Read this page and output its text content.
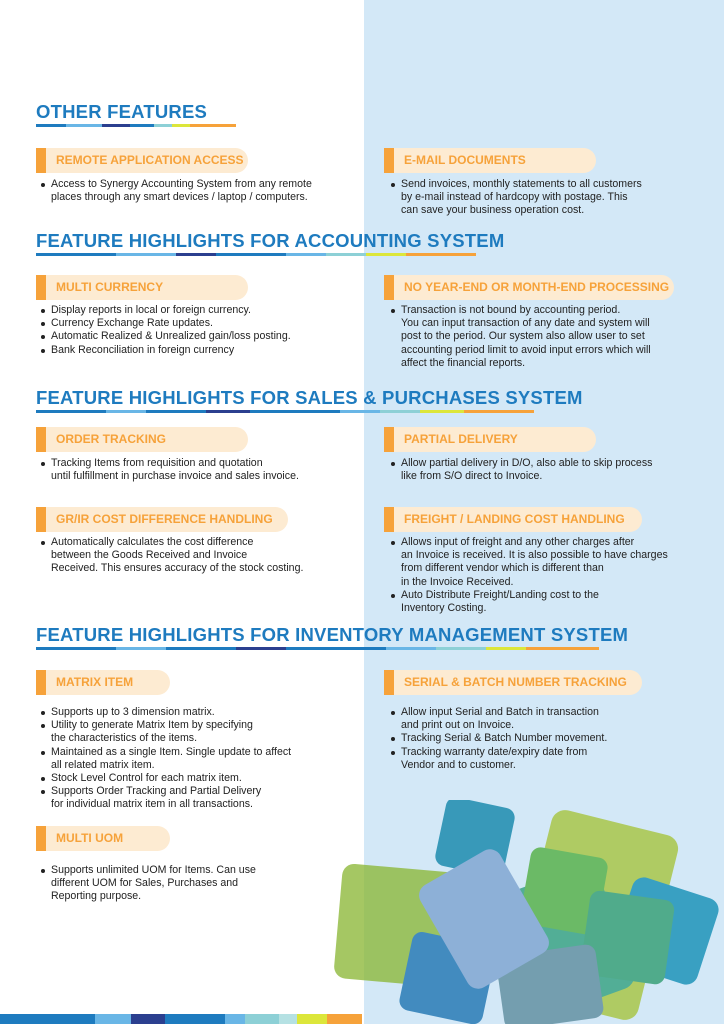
OTHER FEATURES
REMOTE APPLICATION ACCESS
Access to Synergy Accounting System from any remote
places through any smart devices / laptop / computers.
E-MAIL DOCUMENTS
Send invoices, monthly statements to all customers
by e-mail instead of hardcopy with postage. This
can save your business operation cost.
FEATURE HIGHLIGHTS FOR ACCOUNTING SYSTEM
MULTI CURRENCY
Display reports in local or foreign currency.
Currency Exchange Rate updates.
Automatic Realized & Unrealized gain/loss posting.
Bank Reconciliation in foreign currency
NO YEAR-END OR MONTH-END PROCESSING
Transaction is not bound by accounting period.
You can input transaction of any date and system will
post to the period. Our system also allow user to set
accounting period limit to avoid input errors which will
affect the financial reports.
FEATURE HIGHLIGHTS FOR SALES & PURCHASES SYSTEM
ORDER TRACKING
Tracking Items from requisition and quotation
until fulfillment in purchase invoice and sales invoice.
PARTIAL DELIVERY
Allow partial delivery in D/O, also able to skip process
like from S/O direct to Invoice.
GR/IR COST DIFFERENCE HANDLING
Automatically calculates the cost difference
between the Goods Received and Invoice
Received. This ensures accuracy of the stock costing.
FREIGHT / LANDING COST HANDLING
Allows input of freight and any other charges after
an Invoice is received. It is also possible to have charges
from different vendor which is different than
in the Invoice Received.
Auto Distribute Freight/Landing cost to the
Inventory Costing.
FEATURE HIGHLIGHTS FOR INVENTORY MANAGEMENT SYSTEM
MATRIX ITEM
Supports up to 3 dimension matrix.
Utility to generate Matrix Item by specifying
the characteristics of the items.
Maintained as a single Item. Single update to affect
all related matrix item.
Stock Level Control for each matrix item.
Supports Order Tracking and Partial Delivery
for individual matrix item in all transactions.
SERIAL & BATCH NUMBER TRACKING
Allow input Serial and Batch in transaction
and print out on Invoice.
Tracking Serial & Batch Number movement.
Tracking warranty date/expiry date from
Vendor and to customer.
MULTI UOM
Supports unlimited UOM for Items. Can use
different UOM for Sales, Purchases and
Reporting purpose.
